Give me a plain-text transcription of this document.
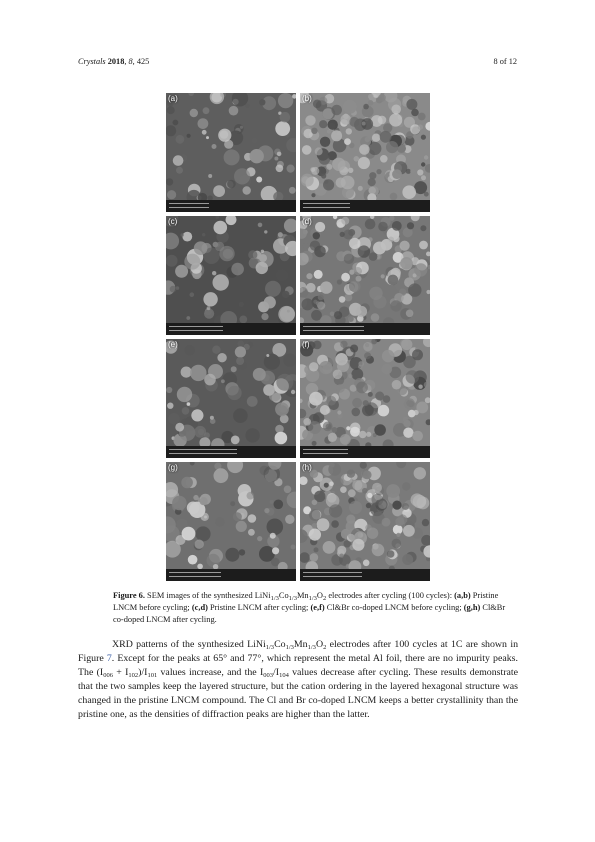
Crystals 2018, 8, 425	8 of 12
(a)	(b)
(c)	(d)
(e)	(f)
(g)	(h)
Figure 6. SEM images of the synthesized $LiNi_{1/3}Co_{1/3}Mn_{1/3}O_2$ electrodes after cycling (100 cycles): (a,b) Pristine LNCM before cycling; (c,d) Pristine LNCM after cycling; (e,f) Cl&Br co-doped LNCM before cycling; (g,h) Cl&Br co-doped LNCM after cycling.

XRD patterns of the synthesized $LiNi_{1/3}Co_{1/3}Mn_{1/3}O_2$ electrodes after 100 cycles at 1C are shown in Figure 7. Except for the peaks at 65° and 77°, which represent the metal Al foil, there are no impurity peaks. The $(I_{006} + I_{102})/I_{101}$ values increase, and the $I_{003}/I_{104}$ values decrease after cycling. These results demonstrate that the two samples keep the layered structure, but the cation ordering in the layered hexagonal structure was changed in the pristine LNCM compound. The Cl and Br co-doped LNCM keeps a better crystallinity than the pristine one, as the densities of diffraction peaks are higher than the latter.
